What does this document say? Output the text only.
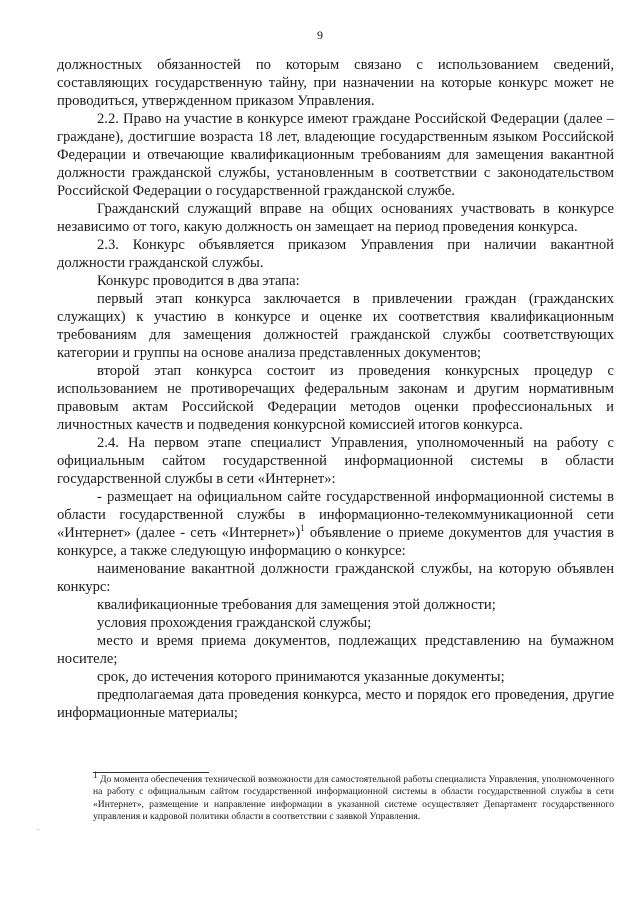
9

должностных обязанностей по которым связано с использованием сведений, составляющих государственную тайну, при назначении на которые конкурс может не проводиться, утвержденном приказом Управления.

2.2. Право на участие в конкурсе имеют граждане Российской Федерации (далее – граждане), достигшие возраста 18 лет, владеющие государственным языком Российской Федерации и отвечающие квалификационным требованиям для замещения вакантной должности гражданской службы, установленным в соответствии с законодательством Российской Федерации о государственной гражданской службе.

Гражданский служащий вправе на общих основаниях участвовать в конкурсе независимо от того, какую должность он замещает на период проведения конкурса.

2.3. Конкурс объявляется приказом Управления при наличии вакантной должности гражданской службы.

Конкурс проводится в два этапа:

первый этап конкурса заключается в привлечении граждан (гражданских служащих) к участию в конкурсе и оценке их соответствия квалификационным требованиям для замещения должностей гражданской службы соответствующих категории и группы на основе анализа представленных документов;

второй этап конкурса состоит из проведения конкурсных процедур с использованием не противоречащих федеральным законам и другим нормативным правовым актам Российской Федерации методов оценки профессиональных и личностных качеств и подведения конкурсной комиссией итогов конкурса.

2.4. На первом этапе специалист Управления, уполномоченный на работу с официальным сайтом государственной информационной системы в области государственной службы в сети «Интернет»:

- размещает на официальном сайте государственной информационной системы в области государственной службы в информационно-телекоммуникационной сети «Интернет» (далее - сеть «Интернет»)$^1$ объявление о приеме документов для участия в конкурсе, а также следующую информацию о конкурсе:

наименование вакантной должности гражданской службы, на которую объявлен конкурс:

квалификационные требования для замещения этой должности;

условия прохождения гражданской службы;

место и время приема документов, подлежащих представлению на бумажном носителе;

срок, до истечения которого принимаются указанные документы;

предполагаемая дата проведения конкурса, место и порядок его проведения, другие информационные материалы;

$^1$ До момента обеспечения технической возможности для самостоятельной работы специалиста Управления, уполномоченного на работу с официальным сайтом государственной информационной системы в области государственной службы в сети «Интернет», размещение и направление информации в указанной системе осуществляет Департамент государственного управления и кадровой политики области в соответствии с заявкой Управления.

.
